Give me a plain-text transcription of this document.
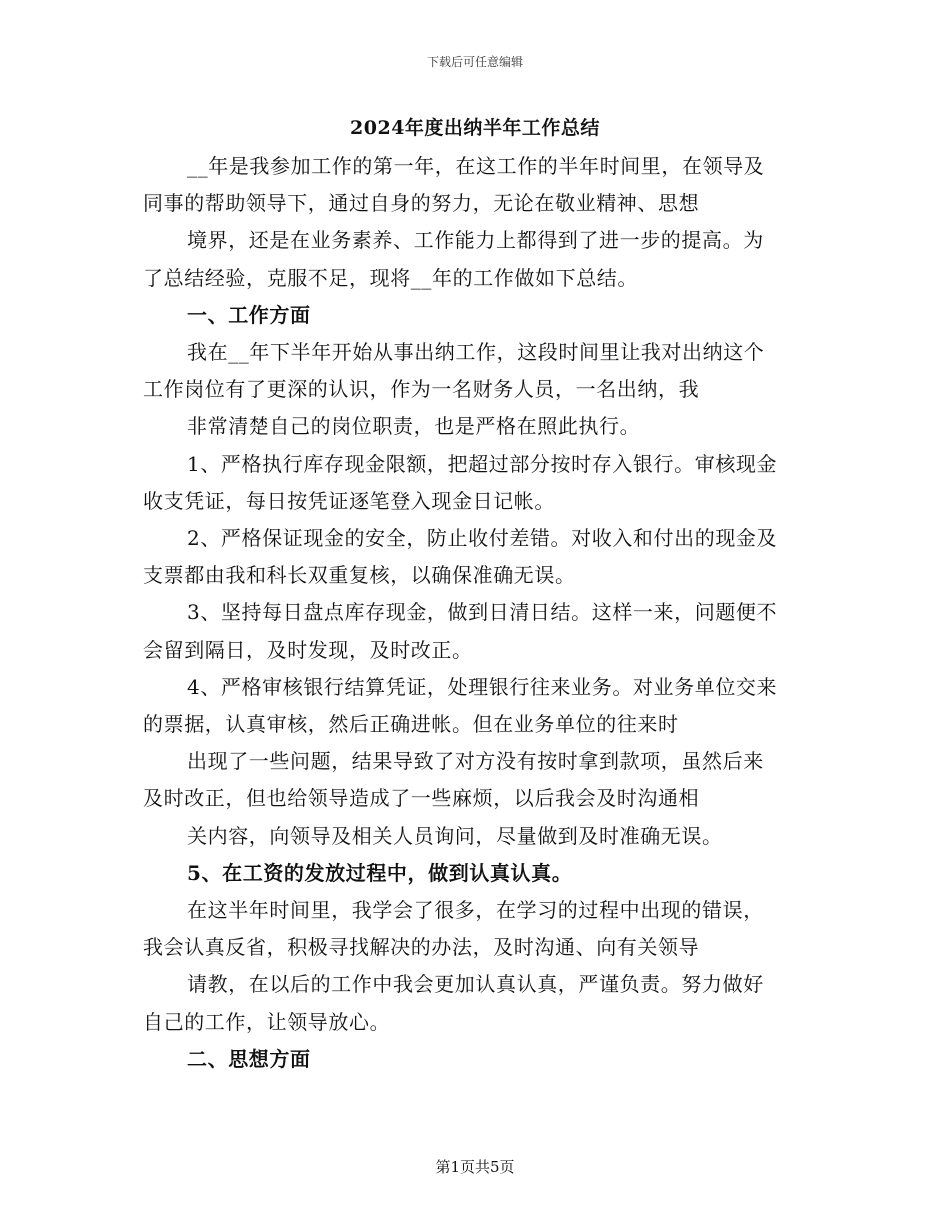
下载后可任意编辑
2024年度出纳半年工作总结
__年是我参加工作的第一年，在这工作的半年时间里，在领导及
同事的帮助领导下，通过自身的努力，无论在敬业精神、思想
境界，还是在业务素养、工作能力上都得到了进一步的提高。为
了总结经验，克服不足，现将__年的工作做如下总结。
一、工作方面
我在__年下半年开始从事出纳工作，这段时间里让我对出纳这个
工作岗位有了更深的认识，作为一名财务人员，一名出纳，我
非常清楚自己的岗位职责，也是严格在照此执行。
1、严格执行库存现金限额，把超过部分按时存入银行。审核现金
收支凭证，每日按凭证逐笔登入现金日记帐。
2、严格保证现金的安全，防止收付差错。对收入和付出的现金及
支票都由我和科长双重复核，以确保准确无误。
3、坚持每日盘点库存现金，做到日清日结。这样一来，问题便不
会留到隔日，及时发现，及时改正。
4、严格审核银行结算凭证，处理银行往来业务。对业务单位交来
的票据，认真审核，然后正确进帐。但在业务单位的往来时
出现了一些问题，结果导致了对方没有按时拿到款项，虽然后来
及时改正，但也给领导造成了一些麻烦，以后我会及时沟通相
关内容，向领导及相关人员询问，尽量做到及时准确无误。
5、在工资的发放过程中，做到认真认真。
在这半年时间里，我学会了很多，在学习的过程中出现的错误，
我会认真反省，积极寻找解决的办法，及时沟通、向有关领导
请教，在以后的工作中我会更加认真认真，严谨负责。努力做好
自己的工作，让领导放心。
二、思想方面
第1页共5页
